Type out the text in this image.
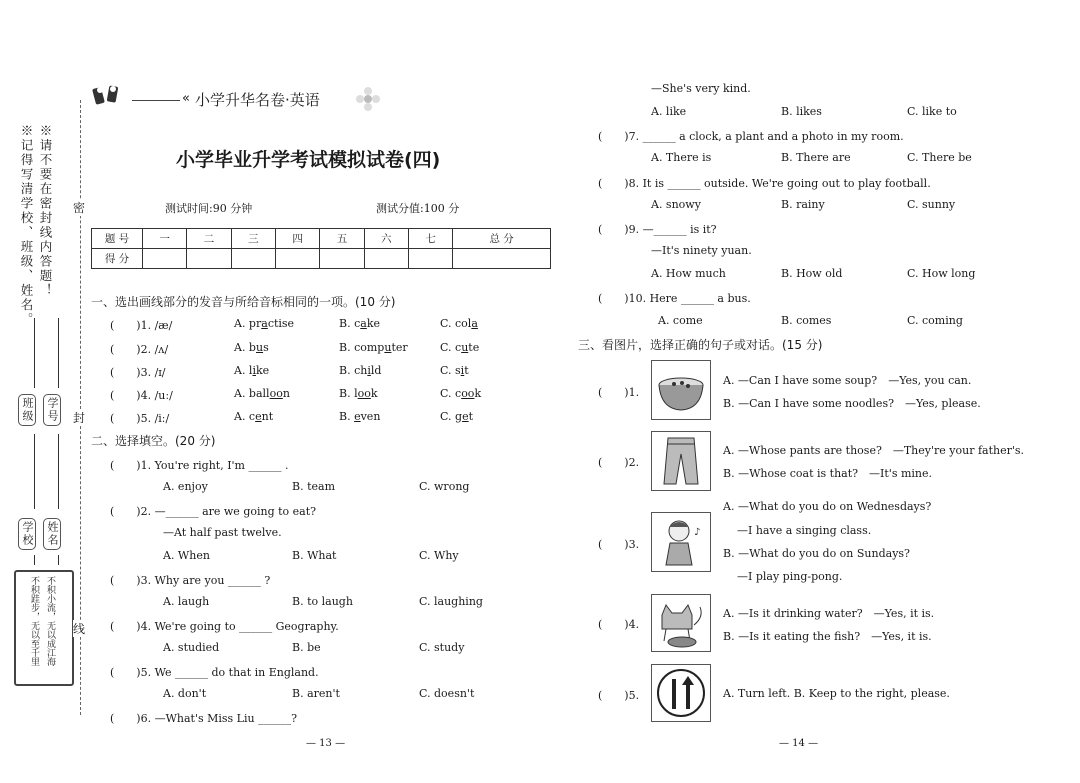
※请不要在密封线内答题！
※记得写清学校、班级、姓名。
班级 学号
学校 姓名
不积小流，无以成江海
不积跬步，无以至千里
密
封
线
« 小学升华名卷·英语
小学毕业升学考试模拟试卷(四)
测试时间:90 分钟	测试分值:100 分
题 号	一	二	三	四	五	六	七	总 分
得 分								
一、选出画线部分的发音与所给音标相同的一项。(10 分)
(　　)1. /æ/	A. practise	B. cake	C. cola
(　　)2. /ʌ/	A. bus	B. computer	C. cute
(　　)3. /ɪ/	A. like	B. child	C. sit
(　　)4. /uː/	A. balloon	B. look	C. cook
(　　)5. /iː/	A. cent	B. even	C. get
二、选择填空。(20 分)
(　　)1. You're right, I'm ______ .
A. enjoy	B. team	C. wrong
(　　)2. —______ are we going to eat?
—At half past twelve.
A. When	B. What	C. Why
(　　)3. Why are you ______ ?
A. laugh	B. to laugh	C. laughing
(　　)4. We're going to ______ Geography.
A. studied	B. be	C. study
(　　)5. We ______ do that in England.
A. don't	B. aren't	C. doesn't
(　　)6. —What's Miss Liu ______?
— 13 —
—She's very kind.
A. like	B. likes	C. like to
(　　)7. ______ a clock, a plant and a photo in my room.
A. There is	B. There are	C. There be
(　　)8. It is ______ outside. We're going out to play football.
A. snowy	B. rainy	C. sunny
(　　)9. —______ is it?
—It's ninety yuan.
A. How much	B. How old	C. How long
(　　)10. Here ______ a bus.
A. come	B. comes	C. coming
三、看图片，选择正确的句子或对话。(15 分)
(　　)1.
A. —Can I have some soup?　—Yes, you can.
B. —Can I have some noodles?　—Yes, please.
(　　)2.
A. —Whose pants are those?　—They're your father's.
B. —Whose coat is that?　—It's mine.
(　　)3.
♪
A. —What do you do on Wednesdays?
—I have a singing class.
B. —What do you do on Sundays?
—I play ping-pong.
(　　)4.
A. —Is it drinking water?　—Yes, it is.
B. —Is it eating the fish?　—Yes, it is.
(　　)5.	A. Turn left. B. Keep to the right, please.
— 14 —
